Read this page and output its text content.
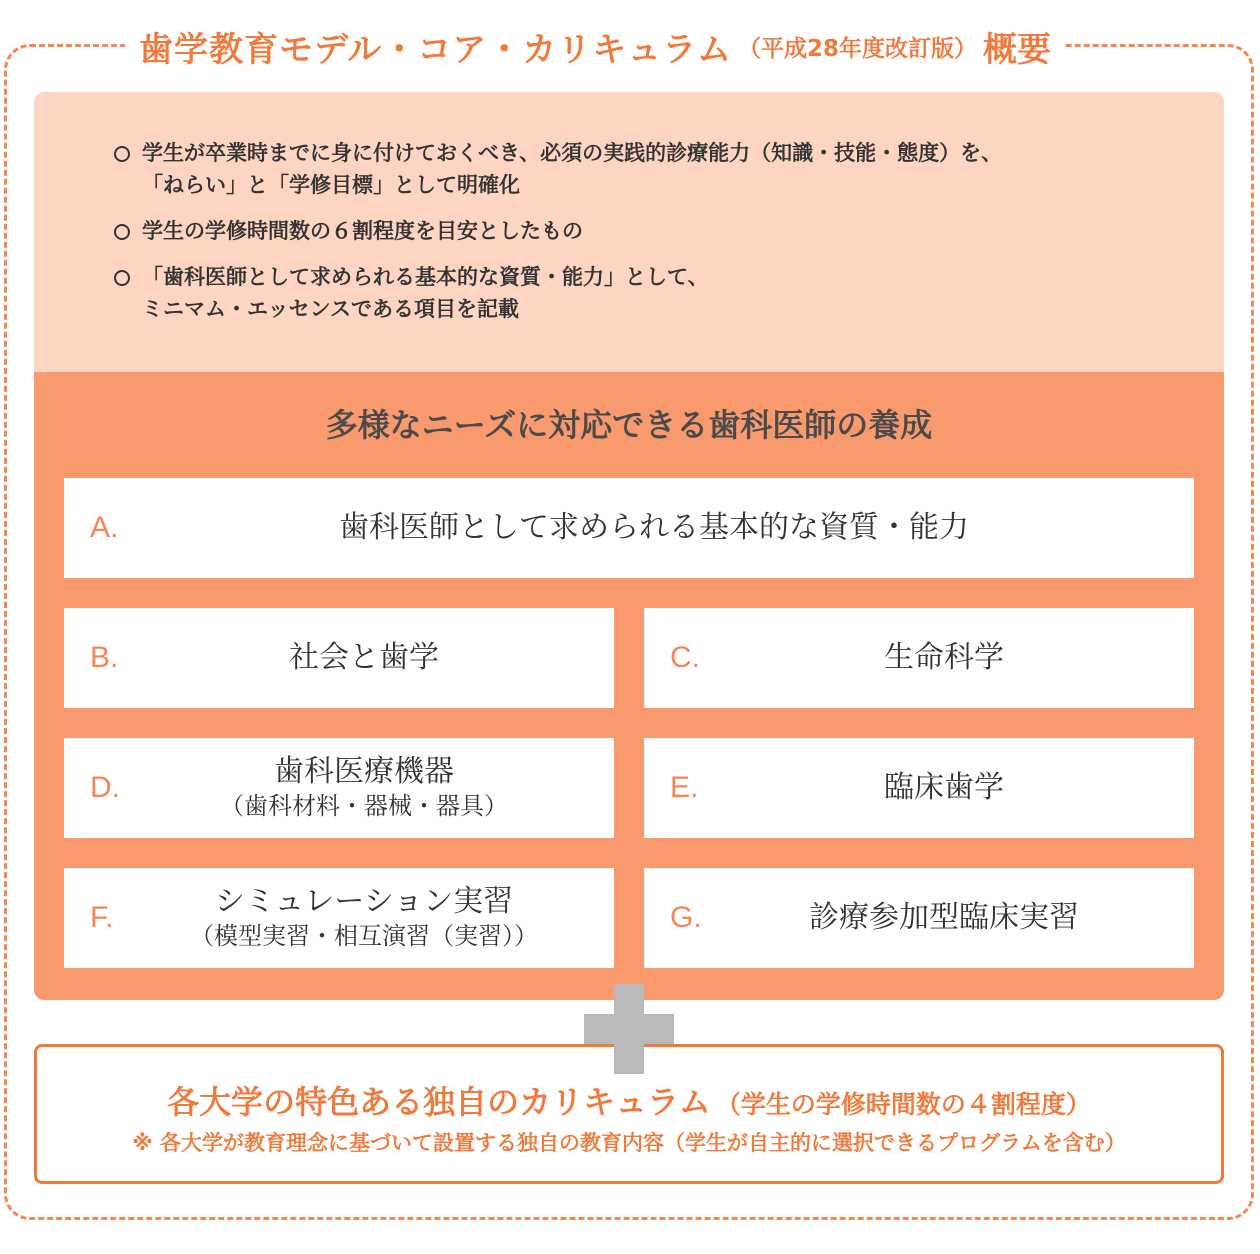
歯学教育モデル・コア・カリキュラム （平成28年度改訂版） 概要
学生が卒業時までに身に付けておくべき、必須の実践的診療能力（知識・技能・態度）を、
「ねらい」と「学修目標」として明確化
学生の学修時間数の６割程度を目安としたもの
「歯科医師として求められる基本的な資質・能力」として、
ミニマム・エッセンスである項目を記載
多様なニーズに対応できる歯科医師の養成
A.	歯科医師として求められる基本的な資質・能力
B.	社会と歯学	C.	生命科学
D.	歯科医療機器
（歯科材料・器械・器具）
E.	臨床歯学
F.	シミュレーション実習
（模型実習・相互演習（実習））
G.	診療参加型臨床実習
各大学の特色ある独自のカリキュラム （学生の学修時間数の４割程度）
※ 各大学が教育理念に基づいて設置する独自の教育内容（学生が自主的に選択できるプログラムを含む）
